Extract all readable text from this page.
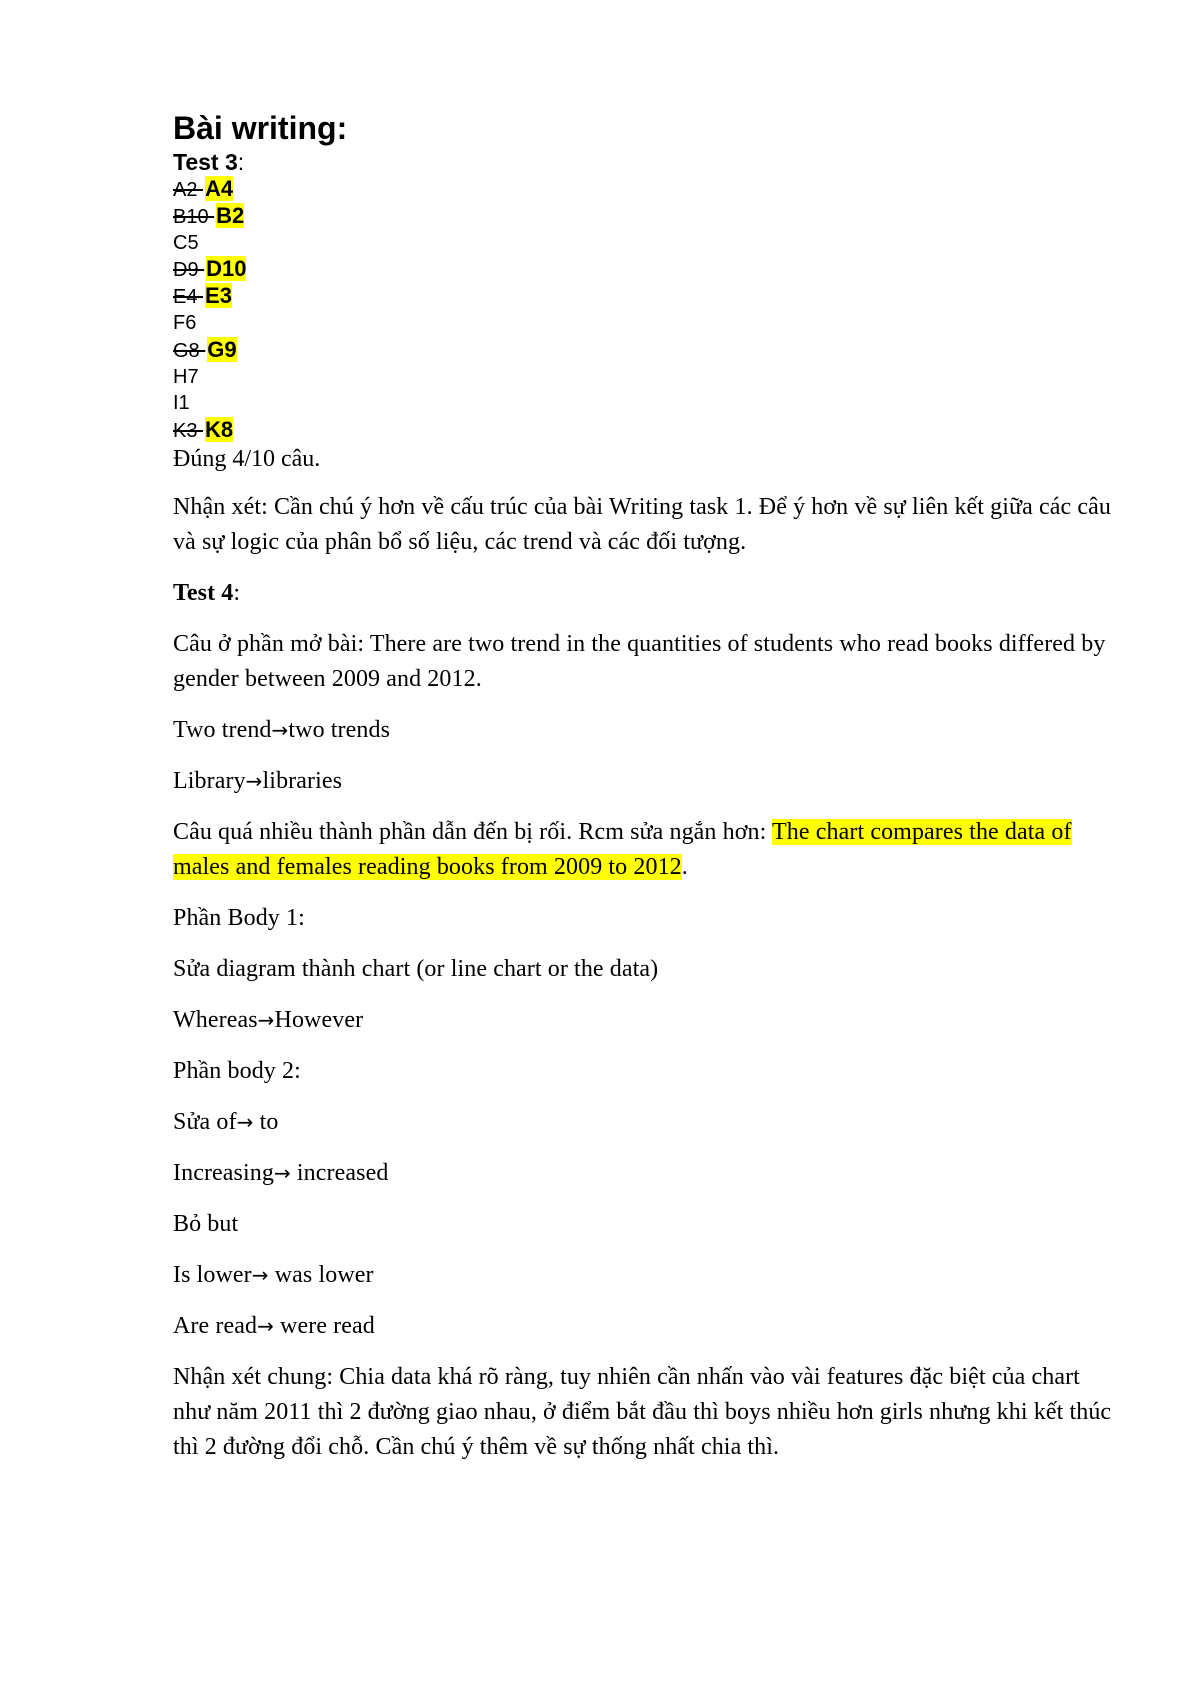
Bài writing:

Test 3:

A2 A4
B10 B2
C5
D9 D10
E4 E3
F6
G8 G9
H7
I1
K3 K8

Đúng 4/10 câu.

Nhận xét: Cần chú ý hơn về cấu trúc của bài Writing task 1. Để ý hơn về sự liên kết giữa các câu và sự logic của phân bổ số liệu, các trend và các đối tượng.

Test 4:

Câu ở phần mở bài: There are two trend in the quantities of students who read books differed by gender between 2009 and 2012.

Two trend→two trends

Library→libraries

Câu quá nhiều thành phần dẫn đến bị rối. Rcm sửa ngắn hơn: The chart compares the data of males and females reading books from 2009 to 2012.

Phần Body 1:

Sửa diagram thành chart (or line chart or the data)

Whereas→However

Phần body 2:

Sửa of→ to

Increasing→ increased

Bỏ but

Is lower→ was lower

Are read→ were read

Nhận xét chung: Chia data khá rõ ràng, tuy nhiên cần nhấn vào vài features đặc biệt của chart như năm 2011 thì 2 đường giao nhau, ở điểm bắt đầu thì boys nhiều hơn girls nhưng khi kết thúc thì 2 đường đổi chỗ. Cần chú ý thêm về sự thống nhất chia thì.
